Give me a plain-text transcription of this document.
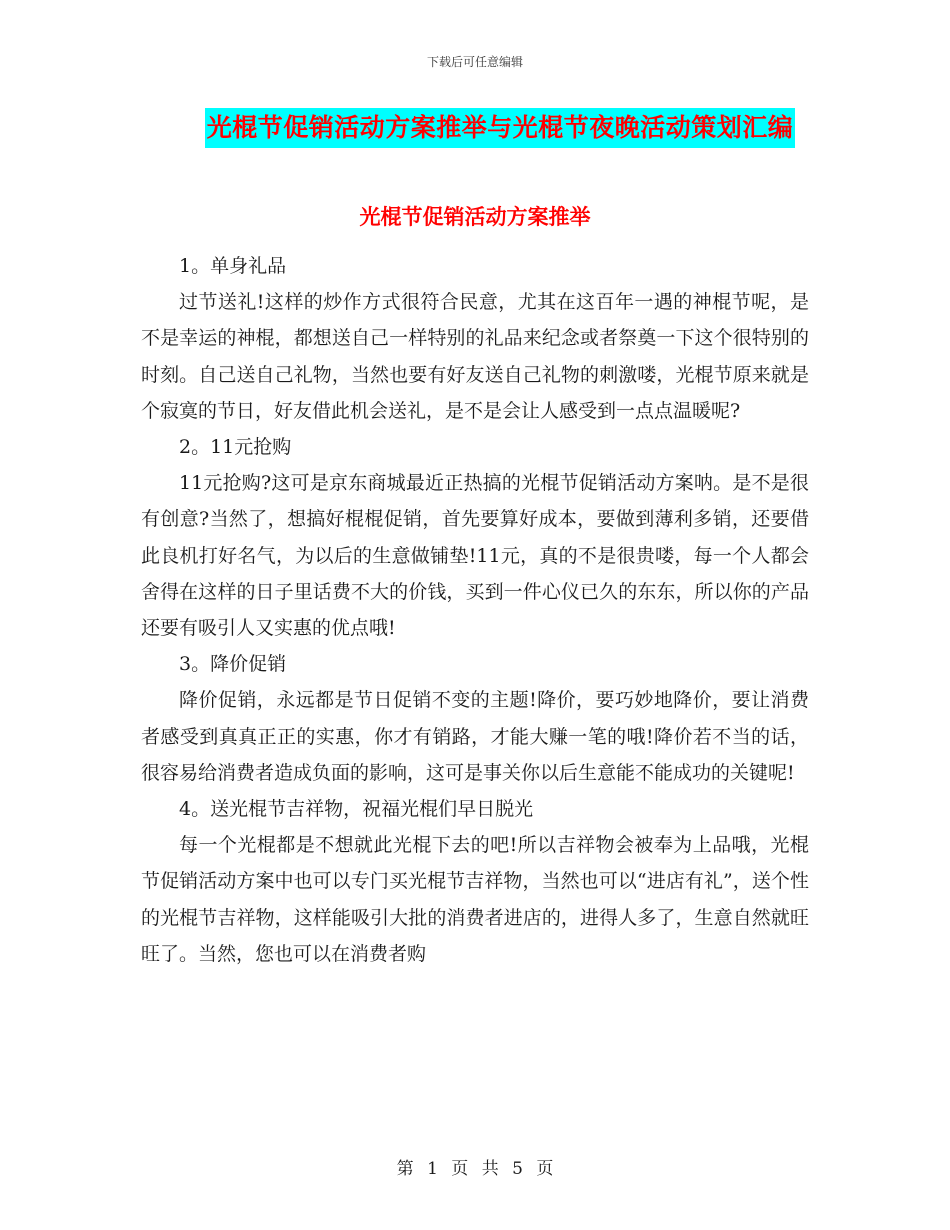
下载后可任意编辑
光棍节促销活动方案推举与光棍节夜晚活动策划汇编
光棍节促销活动方案推举

1。单身礼品

过节送礼!这样的炒作方式很符合民意，尤其在这百年一遇的神棍节呢，是不是幸运的神棍，都想送自己一样特别的礼品来纪念或者祭奠一下这个很特别的时刻。自己送自己礼物，当然也要有好友送自己礼物的刺激喽，光棍节原来就是个寂寞的节日，好友借此机会送礼，是不是会让人感受到一点点温暖呢?

2。11元抢购

11元抢购?这可是京东商城最近正热搞的光棍节促销活动方案呐。是不是很有创意?当然了，想搞好棍棍促销，首先要算好成本，要做到薄利多销，还要借此良机打好名气，为以后的生意做铺垫!11元，真的不是很贵喽，每一个人都会舍得在这样的日子里话费不大的价钱，买到一件心仪已久的东东，所以你的产品还要有吸引人又实惠的优点哦!

3。降价促销

降价促销，永远都是节日促销不变的主题!降价，要巧妙地降价，要让消费者感受到真真正正的实惠，你才有销路，才能大赚一笔的哦!降价若不当的话，很容易给消费者造成负面的影响，这可是事关你以后生意能不能成功的关键呢!

4。送光棍节吉祥物，祝福光棍们早日脱光

每一个光棍都是不想就此光棍下去的吧!所以吉祥物会被奉为上品哦，光棍节促销活动方案中也可以专门买光棍节吉祥物，当然也可以“进店有礼”，送个性的光棍节吉祥物，这样能吸引大批的消费者进店的，进得人多了，生意自然就旺旺了。当然，您也可以在消费者购

第 1 页 共 5 页
